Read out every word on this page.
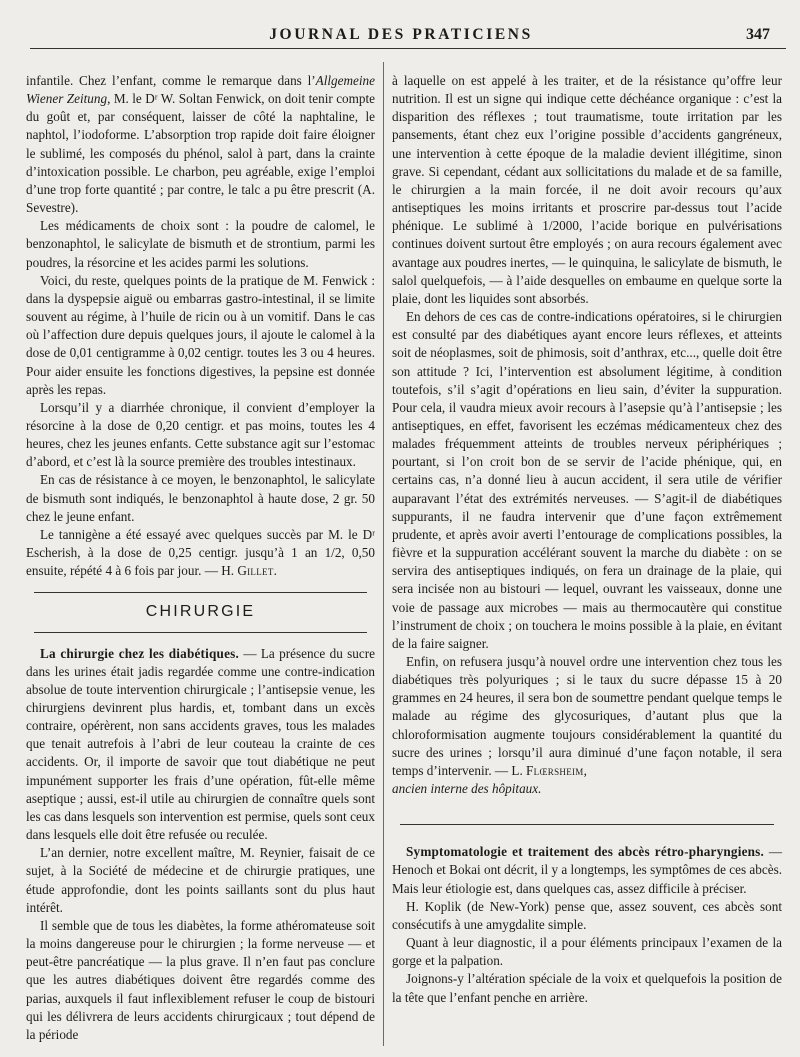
JOURNAL DES PRATICIENS	347

infantile. Chez l’enfant, comme le remarque dans l’Allgemeine Wiener Zeitung, M. le Dʳ W. Soltan Fenwick, on doit tenir compte du goût et, par conséquent, laisser de côté la naphtaline, le naphtol, l’iodoforme. L’absorption trop rapide doit faire éloigner le sublimé, les composés du phénol, salol à part, dans la crainte d’intoxication possible. Le charbon, peu agréable, exige l’emploi d’une trop forte quantité ; par contre, le talc a pu être prescrit (A. Sevestre).

Les médicaments de choix sont : la poudre de calomel, le benzonaphtol, le salicylate de bismuth et de strontium, parmi les poudres, la résorcine et les acides parmi les solutions.

Voici, du reste, quelques points de la pratique de M. Fenwick : dans la dyspepsie aiguë ou embarras gastro-intestinal, il se limite souvent au régime, à l’huile de ricin ou à un vomitif. Dans le cas où l’affection dure depuis quelques jours, il ajoute le calomel à la dose de 0,01 centigramme à 0,02 centigr. toutes les 3 ou 4 heures. Pour aider ensuite les fonctions digestives, la pepsine est donnée après les repas.

Lorsqu’il y a diarrhée chronique, il convient d’employer la résorcine à la dose de 0,20 centigr. et pas moins, toutes les 4 heures, chez les jeunes enfants. Cette substance agit sur l’estomac d’abord, et c’est là la source première des troubles intestinaux.

En cas de résistance à ce moyen, le benzonaphtol, le salicylate de bismuth sont indiqués, le benzonaphtol à haute dose, 2 gr. 50 chez le jeune enfant.

Le tannigène a été essayé avec quelques succès par M. le Dʳ Escherish, à la dose de 0,25 centigr. jusqu’à 1 an 1/2, 0,50 ensuite, répété 4 à 6 fois par jour. — H. Gillet.

CHIRURGIE

La chirurgie chez les diabétiques. — La présence du sucre dans les urines était jadis regardée comme une contre-indication absolue de toute intervention chirurgicale ; l’antisepsie venue, les chirurgiens devinrent plus hardis, et, tombant dans un excès contraire, opérèrent, non sans accidents graves, tous les malades que tenait autrefois à l’abri de leur couteau la crainte de ces accidents. Or, il importe de savoir que tout diabétique ne peut impunément supporter les frais d’une opération, fût-elle même aseptique ; aussi, est-il utile au chirurgien de connaître quels sont les cas dans lesquels son intervention est permise, quels sont ceux dans lesquels elle doit être refusée ou reculée.

L’an dernier, notre excellent maître, M. Reynier, faisait de ce sujet, à la Société de médecine et de chirurgie pratiques, une étude approfondie, dont les points saillants sont du plus haut intérêt.

Il semble que de tous les diabètes, la forme athéromateuse soit la moins dangereuse pour le chirurgien ; la forme nerveuse — et peut-être pancréatique — la plus grave. Il n’en faut pas conclure que les autres diabétiques doivent être regardés comme des parias, auxquels il faut inflexiblement refuser le coup de bistouri qui les délivrera de leurs accidents chirurgicaux ; tout dépend de la période

à laquelle on est appelé à les traiter, et de la résistance qu’offre leur nutrition. Il est un signe qui indique cette déchéance organique : c’est la disparition des réflexes ; tout traumatisme, toute irritation par les pansements, étant chez eux l’origine possible d’accidents gangréneux, une intervention à cette époque de la maladie devient illégitime, sinon grave. Si cependant, cédant aux sollicitations du malade et de sa famille, le chirurgien a la main forcée, il ne doit avoir recours qu’aux antiseptiques les moins irritants et proscrire par-dessus tout l’acide phénique. Le sublimé à 1/2000, l’acide borique en pulvérisations continues doivent surtout être employés ; on aura recours également avec avantage aux poudres inertes, — le quinquina, le salicylate de bismuth, le salol quelquefois, — à l’aide desquelles on embaume en quelque sorte la plaie, dont les liquides sont absorbés.

En dehors de ces cas de contre-indications opératoires, si le chirurgien est consulté par des diabétiques ayant encore leurs réflexes, et atteints soit de néoplasmes, soit de phimosis, soit d’anthrax, etc..., quelle doit être son attitude ? Ici, l’intervention est absolument légitime, à condition toutefois, s’il s’agit d’opérations en lieu sain, d’éviter la suppuration. Pour cela, il vaudra mieux avoir recours à l’asepsie qu’à l’antisepsie ; les antiseptiques, en effet, favorisent les eczémas médicamenteux chez des malades fréquemment atteints de troubles nerveux périphériques ; pourtant, si l’on croit bon de se servir de l’acide phénique, qui, en certains cas, n’a donné lieu à aucun accident, il sera utile de vérifier auparavant l’état des extrémités nerveuses. — S’agit-il de diabétiques suppurants, il ne faudra intervenir que d’une façon extrêmement prudente, et après avoir averti l’entourage de complications possibles, la fièvre et la suppuration accélérant souvent la marche du diabète : on se servira des antiseptiques indiqués, on fera un drainage de la plaie, qui sera incisée non au bistouri — lequel, ouvrant les vaisseaux, donne une voie de passage aux microbes — mais au thermocautère qui constitue l’instrument de choix ; on touchera le moins possible à la plaie, en évitant de la faire saigner.

Enfin, on refusera jusqu’à nouvel ordre une intervention chez tous les diabétiques très polyuriques ; si le taux du sucre dépasse 15 à 20 grammes en 24 heures, il sera bon de soumettre pendant quelque temps le malade au régime des glycosuriques, d’autant plus que la chloroformisation augmente toujours considérablement la quantité du sucre des urines ; lorsqu’il aura diminué d’une façon notable, il sera temps d’intervenir. — L. Flœrsheim,
ancien interne des hôpitaux.

Symptomatologie et traitement des abcès rétro-pharyngiens. — Henoch et Bokai ont décrit, il y a longtemps, les symptômes de ces abcès. Mais leur étiologie est, dans quelques cas, assez difficile à préciser.

H. Koplik (de New-York) pense que, assez souvent, ces abcès sont consécutifs à une amygdalite simple.

Quant à leur diagnostic, il a pour éléments principaux l’examen de la gorge et la palpation.

Joignons-y l’altération spéciale de la voix et quelquefois la position de la tête que l’enfant penche en arrière.
